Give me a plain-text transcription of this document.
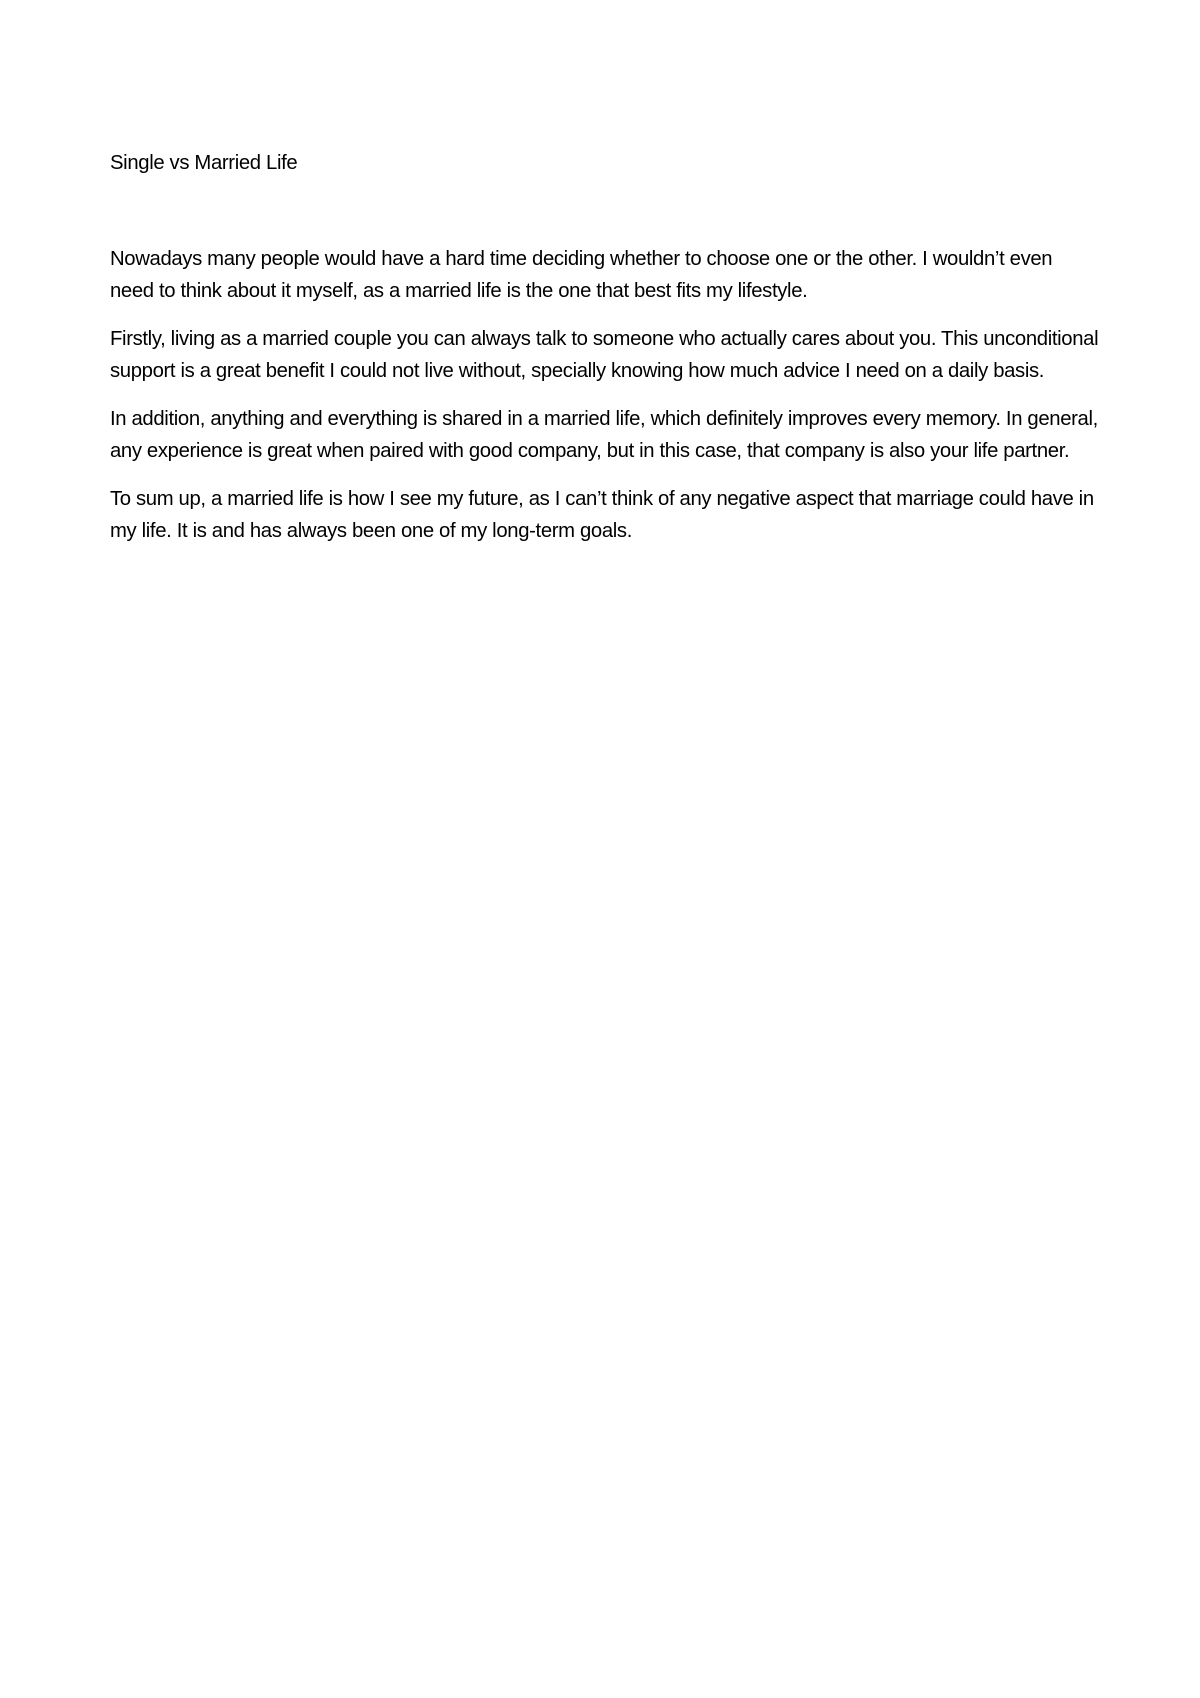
Single vs Married Life

Nowadays many people would have a hard time deciding whether to choose one or the other. I wouldn’t even need to think about it myself, as a married life is the one that best fits my lifestyle.

Firstly, living as a married couple you can always talk to someone who actually cares about you. This unconditional support is a great benefit I could not live without, specially knowing how much advice I need on a daily basis.

In addition, anything and everything is shared in a married life, which definitely improves every memory. In general, any experience is great when paired with good company, but in this case, that company is also your life partner.

To sum up, a married life is how I see my future, as I can’t think of any negative aspect that marriage could have in my life. It is and has always been one of my long-term goals.
